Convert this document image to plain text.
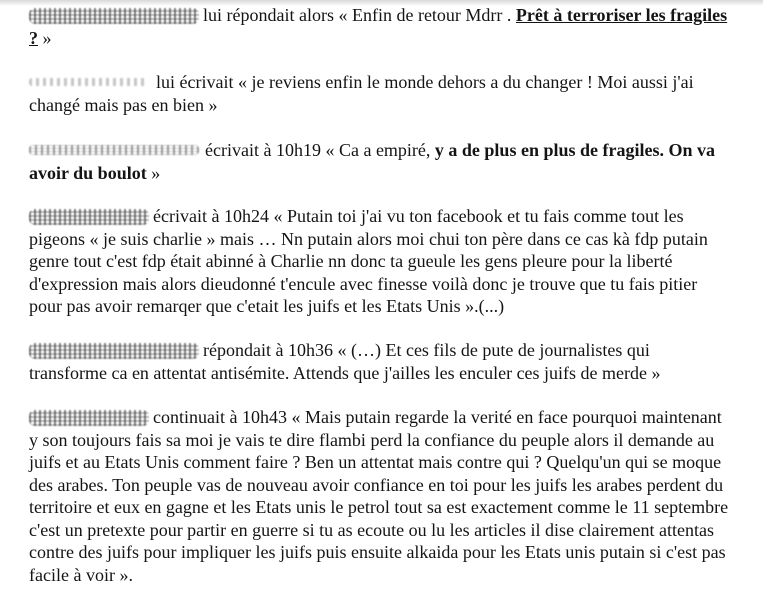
lui répondait alors « Enfin de retour Mdrr . Prêt à terroriser les fragiles ? »

lui écrivait « je reviens enfin le monde dehors a du changer ! Moi aussi j'ai changé mais pas en bien »

écrivait à 10h19 « Ca a empiré, y a de plus en plus de fragiles. On va avoir du boulot »

écrivait à 10h24 « Putain toi j'ai vu ton facebook et tu fais comme tout les pigeons « je suis charlie » mais … Nn putain alors moi chui ton père dans ce cas kà fdp putain genre tout c'est fdp était abinné à Charlie nn donc ta gueule les gens pleure pour la liberté d'expression mais alors dieudonné t'encule avec finesse voilà donc je trouve que tu fais pitier pour pas avoir remarqer que c'etait les juifs et les Etats Unis ».(...)

répondait à 10h36 « (…) Et ces fils de pute de journalistes qui transforme ca en attentat antisémite. Attends que j'ailles les enculer ces juifs de merde »

continuait à 10h43 « Mais putain regarde la verité en face pourquoi maintenant y son toujours fais sa moi je vais te dire flambi perd la confiance du peuple alors il demande au juifs et au Etats Unis comment faire ? Ben un attentat mais contre qui ? Quelqu'un qui se moque des arabes. Ton peuple vas de nouveau avoir confiance en toi pour les juifs les arabes perdent du territoire et eux en gagne et les Etats unis le petrol tout sa est exactement comme le 11 septembre c'est un pretexte pour partir en guerre si tu as ecoute ou lu les articles il dise clairement attentas contre des juifs pour impliquer les juifs puis ensuite alkaida pour les Etats unis putain si c'est pas facile à voir ».
